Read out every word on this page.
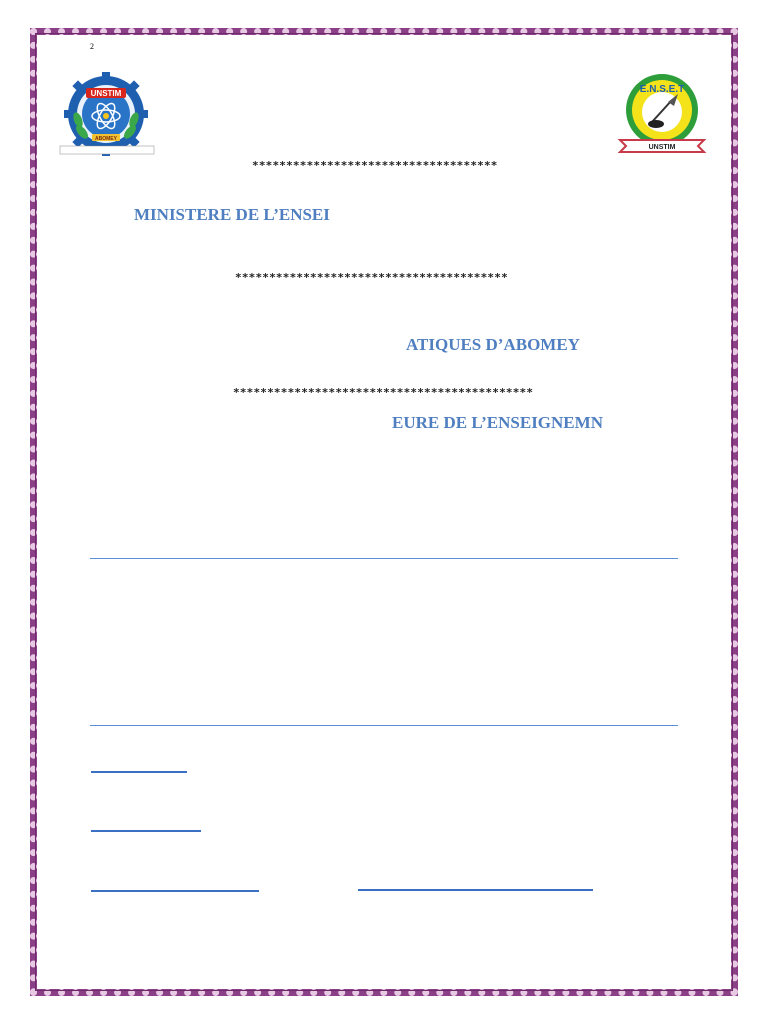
2
UNSTIM
ABOMEY
E.N.S.E.T
UNSTIM
************************************
MINISTERE DE L’ENSEI
****************************************
ATIQUES D’ABOMEY
********************************************
EURE DE L’ENSEIGNEMN
